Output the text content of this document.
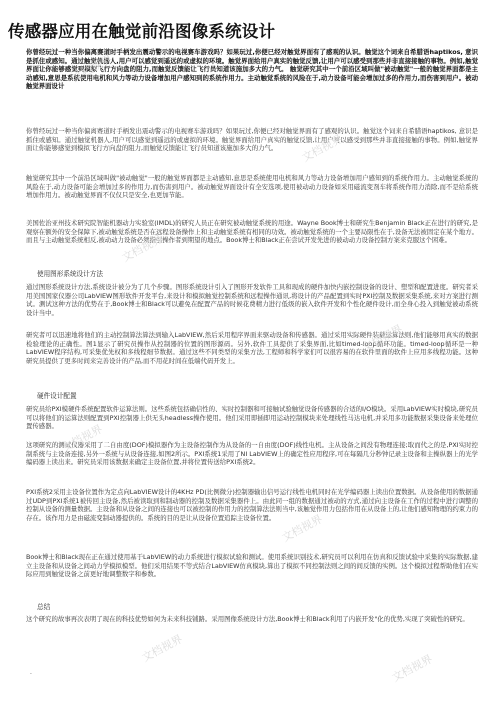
传感器应用在触觉前沿图像系统设计
你曾经玩过一种当你偏离赛道时手柄发出震动警示的电视赛车游戏吗？如果玩过,你便已经对触觉界面有了感观的认识。触觉这个词来自希腊语haptikos, 意识是抓住或感知。通过触觉机器人,用户可以感觉到遥远的或虚拟的环境。触觉界面给用户真实的触觉反馈,让用户可以感受到那些并非直接接触的事物。例如,触觉界面让你能够感觉到模拟飞行方向盘的阻力,而触觉反馈能让飞行员知道该施加多大的力气。 触觉研究其中一个前沿区域叫做"被动触觉"一般的触觉界面都是主动感知,意思是系统使用电机和风力等动力设备增加用户感知到的系统作用力。主动触觉系统的风险在于,动力设备可能会增加过多的作用力,而伤害到用户。被动触觉界面设计
你曾经玩过一种当你偏离赛道时手柄发出震动警示的电视赛车游戏吗？如果玩过,你便已经对触觉界面有了感观的认识。触觉这个词来自希腊语haptikos, 意识是抓住或感知。通过触觉机器人,用户可以感觉到遥远的或虚拟的环境。触觉界面给用户真实的触觉反馈,让用户可以感受到那些并非直接接触的事物。例如,触觉界面让你能够感觉到模拟飞行方向盘的阻力,而触觉反馈能让飞行员知道该施加多大的力气。
触觉研究其中一个前沿区域叫做"被动触觉"一般的触觉界面都是主动感知,意思是系统使用电机和风力等动力设备增加用户感知到的系统作用力。主动触觉系统的风险在于,动力设备可能会增加过多的作用力,而伤害到用户。被动触觉界面设计有全安选项,使用被动动力设备如采用磁流变剂车将系统作用力消除,而不是给系统增加作用力。被动触觉界面不仅仅只是安全,也更加节能。
美国佐治亚州技术研究院智能机器动力实验室(IMDL)的研究人员正在研究被动触觉系统的用途。Wayne Book博士和研究生Benjamin Black正在进行的研究,是观察在额外的安全保障下,被动触觉系统是否在远程设备操作上和主动触觉系统有相同的功效。被动触觉系统的一个主要局限性在于,设备无法被固定在某个地方。而且与主动触觉系统相反,被动动力设备必须指引操作者到期望的地点。Book博士和Black正在尝试开发先进的被动动力设备控制方案来克服这个困难。
使用图形系统设计方法
通过图形系统设计方法,系统设计被分为了几个步骤。图形系统设计引入了图形开发软件工具和现成的硬件加快内嵌控制设备的设计、塑型和配置进度。研究者采用美国国家仪器公司LabVIEW图形软件开发平台,来设计和模拟触觉控制系统和远程操作通讯,将设计的产品配置到实时PXI控制及数据采集系统,来对方案进行测试。测试这种方法的优势在于,Book博士和Black可以避免在配置产品的时候花费精力进行低级的嵌入软件开发和个性化硬件设计,而全身心投入到触觉被动系统设计当中。
研究者可以迅速地将他们的主动控制算法算法到输入LabVIEW,然后采用程序界面来驱动设备和传感器。通过采用实际硬件装载运算法则,他们能够用真实的数据检验理论的正确性。图1显示了研究员操作从控制器的位置的图形源码。另外,软件工具提供了采集界面,比如timed-loop循环功能。timed-loop循环是一种LabVIEW程序结构,可采集优先权和多线程细节数据。通过这些不同类型的采集方法,工程师和科学家们可以很容易的在软件里面的软件上应用多线程功能。这种研究员提供了更多时间来完善设计的产品,而不用花时间在低端代码开发上。
硬件设计配置
研究员给PXI模硬件系统配置软件运算法则。这些系统包括确信性的、实时控制器和可接触试验触觉设备传感器的合适的I/O模块。采用LabVIEW实时模块,研究员可以将他们的运算法则配置到PXI控制器上供无头headless操作使用。他们采用即插即用运动控制模块来处理线性马达电机,并采用多功能数据采集设备来处理位置传感器。
这项研究的测试仪器采用了二自由度(DOF)模拟器作为主设备控制作为从设备的一自由度(DOF)线性电机。主从设备之间没有物理连接;取而代之的是,PXI实时控制系统与主设备连接,另外一系统与从设备连接,如图2所示。PXI系统1采用了NI LabVIEW上的确定性应用程序,可在每隔几分秒钟记录主设备和主操纵器上的光学编码器上读出来。研究员采用该数据来确定主设备位置,并将位置传送给PXI系统2。
PXI系统2采用主设备位置作为定点向LabVIEW设计的4KHz PD(比例微分)控制器输出信号运行线性电机同时在光学编码器上读出位置数据。从设备使用的数据通过UDP到PXI系统1被传回主设备,然后被读取到和制动器的控制及数据采集器件上。由此同一组的数据通过被动的方式,通过向主设备在工作的过程中进行调整的控制从设备的测量数据。主设备和从设备之间的连接也可以被控制的作用力的控制算法法则当中,该触觉作用力包括作用在从设备上的,让他们感知物理的约束力的存在。该作用力是由磁流变制动器提供的。系统的目的是让从设备位置追踪主设备位置。
Book博士和Black现在正在通过使用基于LabVIEW的动力系统进行模拟试验和测试。使用系统识别技术,研究员可以利用在仿真和反馈试验中采集的实际数据,建立主设备和从设备之间动力学模拟模型。他们采用结果不等式结合LabVIEW仿真模块,算出了模拟不同控制法则之间的间反馈的实例。这个模拟过程帮助他们在实际应用到触觉设备之前更好地调整数字和参数。
总结
这个研究的故事再次表明了现在的科技优势如何为未来科技铺路。采用图像系统设计方法,Book博士和Black利用了内嵌开发"化的优势,实现了突破性的研究。
·
文档视界
文档视界
文档视界
文档视界
文档视界
文档视界
文档视界
文档视界
